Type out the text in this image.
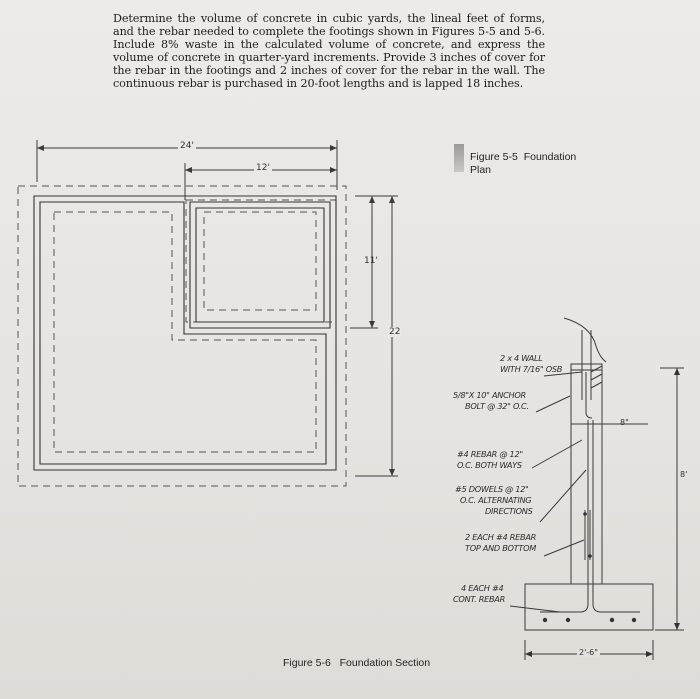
Determine the volume of concrete in cubic yards, the lineal feet of forms, and the rebar needed to complete the footings shown in Figures 5-5 and 5-6. Include 8% waste in the calculated volume of concrete, and express the volume of concrete in quarter-yard increments. Provide 3 inches of cover for the rebar in the footings and 2 inches of cover for the rebar in the wall. The continuous rebar is purchased in 20-foot lengths and is lapped 18 inches.
Figure 5-5 Foundation
Plan
24'
12'
11'
22
2 x 4 WALL
WITH 7/16" OSB
5/8"X 10" ANCHOR
BOLT @ 32" O.C.
#4 REBAR @ 12"
O.C. BOTH WAYS
#5 DOWELS @ 12"
O.C. ALTERNATING
DIRECTIONS
2 EACH #4 REBAR
TOP AND BOTTOM
4 EACH #4
CONT. REBAR
8"
8'
2'-6"
Figure 5-6 Foundation Section
